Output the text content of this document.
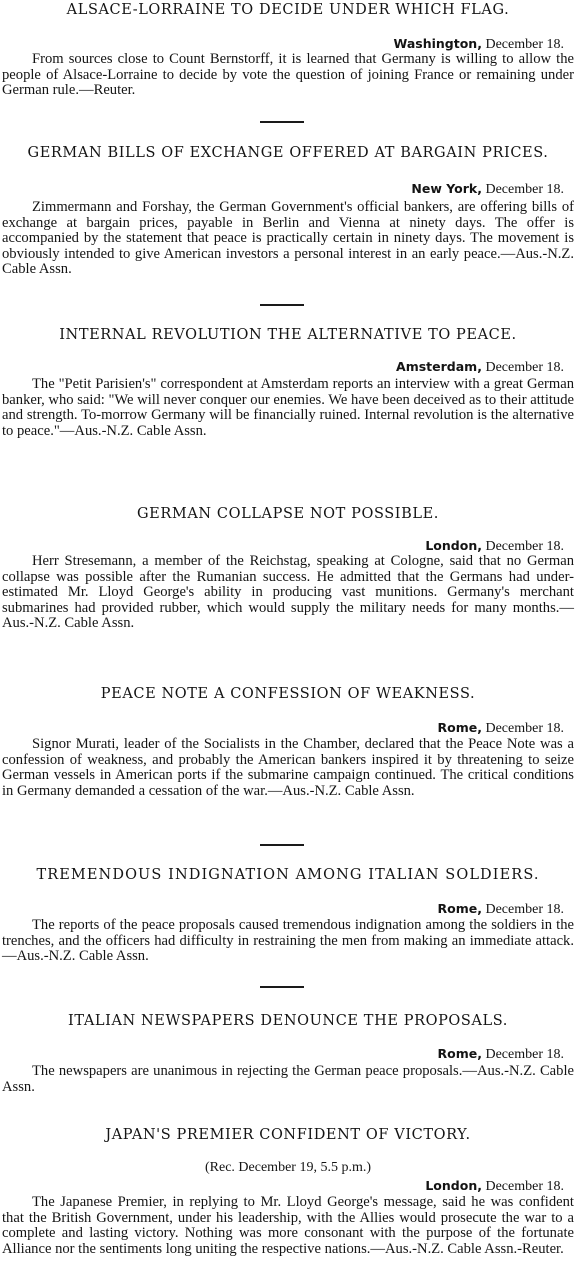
ALSACE-LORRAINE TO DECIDE UNDER WHICH FLAG.
Washington, December 18.

From sources close to Count Bernstorff, it is learned that Germany is willing to allow the people of Alsace-Lorraine to decide by vote the question of joining France or remaining under German rule.—Reuter.

GERMAN BILLS OF EXCHANGE OFFERED AT BARGAIN PRICES.
New York, December 18.

Zimmermann and Forshay, the German Government's official bankers, are offering bills of exchange at bargain prices, payable in Berlin and Vienna at ninety days. The offer is accompanied by the statement that peace is practically certain in ninety days. The movement is obviously intended to give American investors a personal interest in an early peace.—Aus.-N.Z. Cable Assn.

INTERNAL REVOLUTION THE ALTERNATIVE TO PEACE.
Amsterdam, December 18.

The "Petit Parisien's" correspondent at Amsterdam reports an interview with a great German banker, who said: "We will never conquer our enemies. We have been deceived as to their attitude and strength. To-morrow Germany will be financially ruined. Internal revolution is the alternative to peace."—Aus.-N.Z. Cable Assn.

GERMAN COLLAPSE NOT POSSIBLE.
London, December 18.

Herr Stresemann, a member of the Reichstag, speaking at Cologne, said that no German collapse was possible after the Rumanian success. He admitted that the Germans had under-estimated Mr. Lloyd George's ability in producing vast munitions. Germany's merchant submarines had provided rubber, which would supply the military needs for many months.—Aus.-N.Z. Cable Assn.

PEACE NOTE A CONFESSION OF WEAKNESS.
Rome, December 18.

Signor Murati, leader of the Socialists in the Chamber, declared that the Peace Note was a confession of weakness, and probably the American bankers inspired it by threatening to seize German vessels in American ports if the submarine campaign continued. The critical conditions in Germany demanded a cessation of the war.—Aus.-N.Z. Cable Assn.

TREMENDOUS INDIGNATION AMONG ITALIAN SOLDIERS.
Rome, December 18.

The reports of the peace proposals caused tremendous indignation among the soldiers in the trenches, and the officers had difficulty in restraining the men from making an immediate attack.—Aus.-N.Z. Cable Assn.

ITALIAN NEWSPAPERS DENOUNCE THE PROPOSALS.
Rome, December 18.

The newspapers are unanimous in rejecting the German peace proposals.—Aus.-N.Z. Cable Assn.

JAPAN'S PREMIER CONFIDENT OF VICTORY.
(Rec. December 19, 5.5 p.m.)
London, December 18.

The Japanese Premier, in replying to Mr. Lloyd George's message, said he was confident that the British Government, under his leadership, with the Allies would prosecute the war to a complete and lasting victory. Nothing was more consonant with the purpose of the fortunate Alliance nor the sentiments long uniting the respective nations.—Aus.-N.Z. Cable Assn.-Reuter.
